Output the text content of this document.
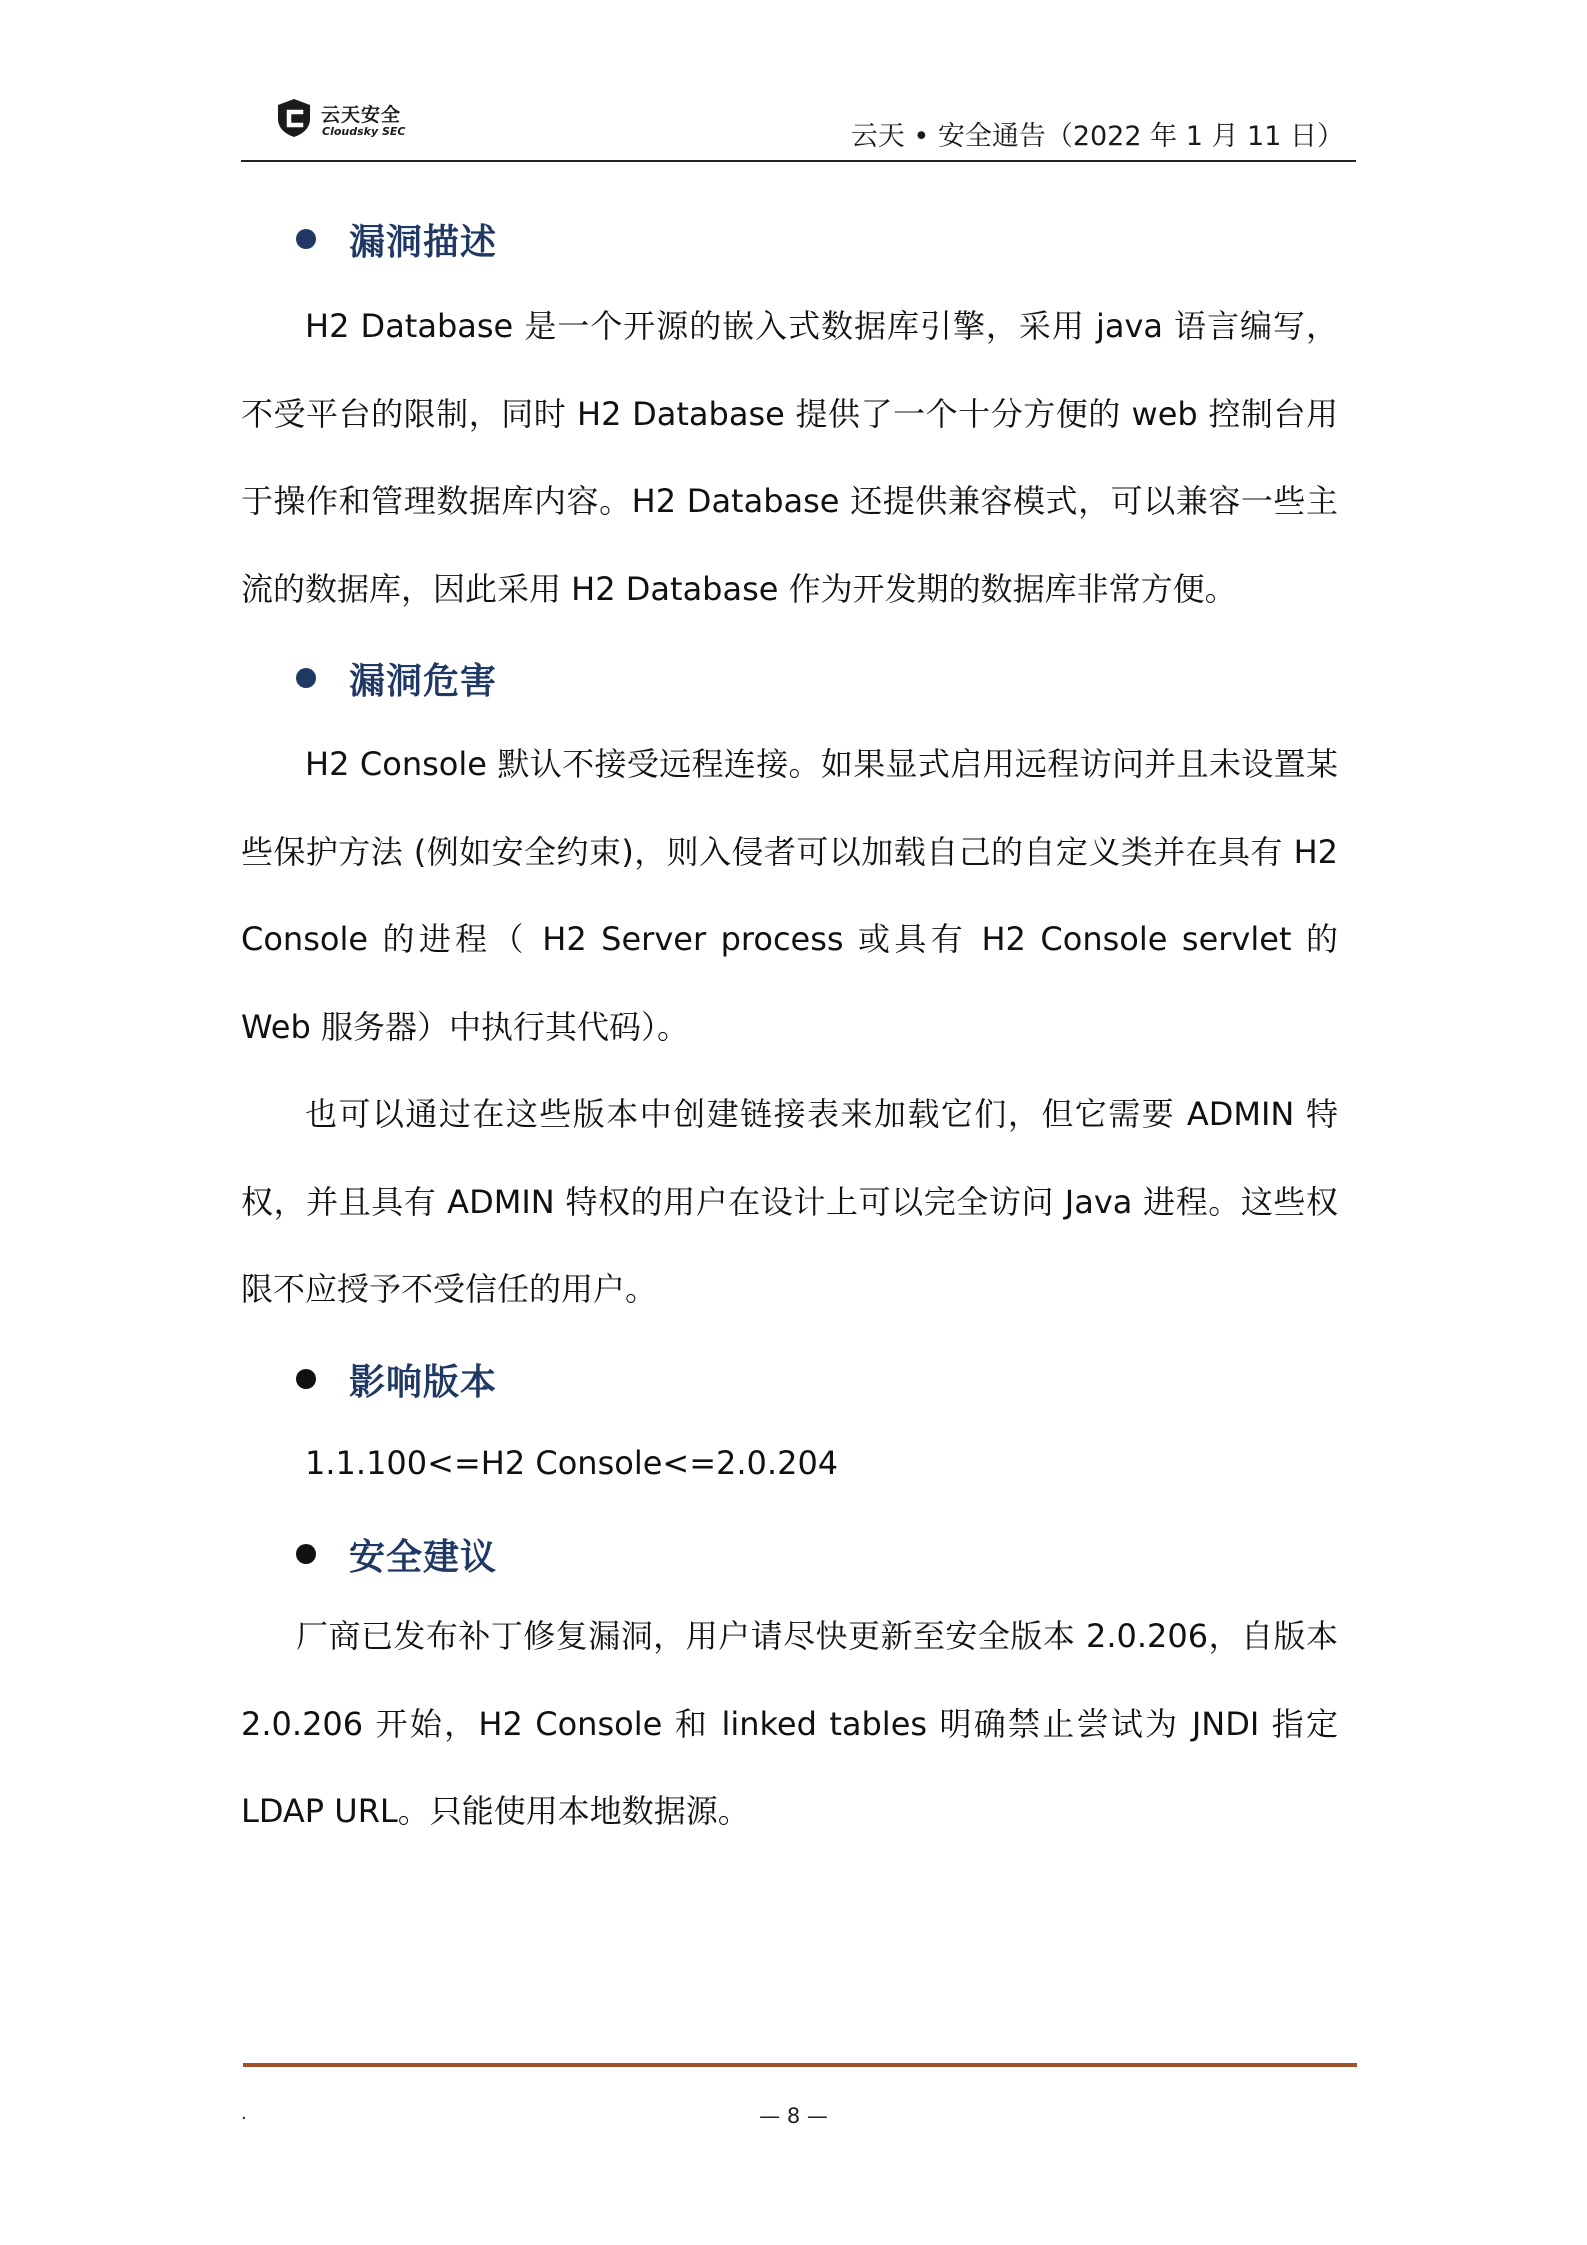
云天安全
Cloudsky SEC	云天 • 安全通告（2022 年 1 月 11 日）
漏洞描述

H2 Database 是一个开源的嵌入式数据库引擎，采用 java 语言编写，不受平台的限制，同时 H2 Database 提供了一个十分方便的 web 控制台用于操作和管理数据库内容。H2 Database 还提供兼容模式，可以兼容一些主流的数据库，因此采用 H2 Database 作为开发期的数据库非常方便。

漏洞危害

H2 Console 默认不接受远程连接。如果显式启用远程访问并且未设置某些保护方法 (例如安全约束)，则入侵者可以加载自己的自定义类并在具有 H2 Console 的进程（ H2 Server process 或具有 H2 Console servlet 的 Web 服务器）中执行其代码）。

也可以通过在这些版本中创建链接表来加载它们，但它需要 ADMIN 特权，并且具有 ADMIN 特权的用户在设计上可以完全访问 Java 进程。这些权限不应授予不受信任的用户。

影响版本
1.1.100<=H2 Console<=2.0.204
安全建议

厂商已发布补丁修复漏洞，用户请尽快更新至安全版本 2.0.206，自版本 2.0.206 开始，H2 Console 和 linked tables 明确禁止尝试为 JNDI 指定 LDAP URL。只能使用本地数据源。

.	— 8 —
